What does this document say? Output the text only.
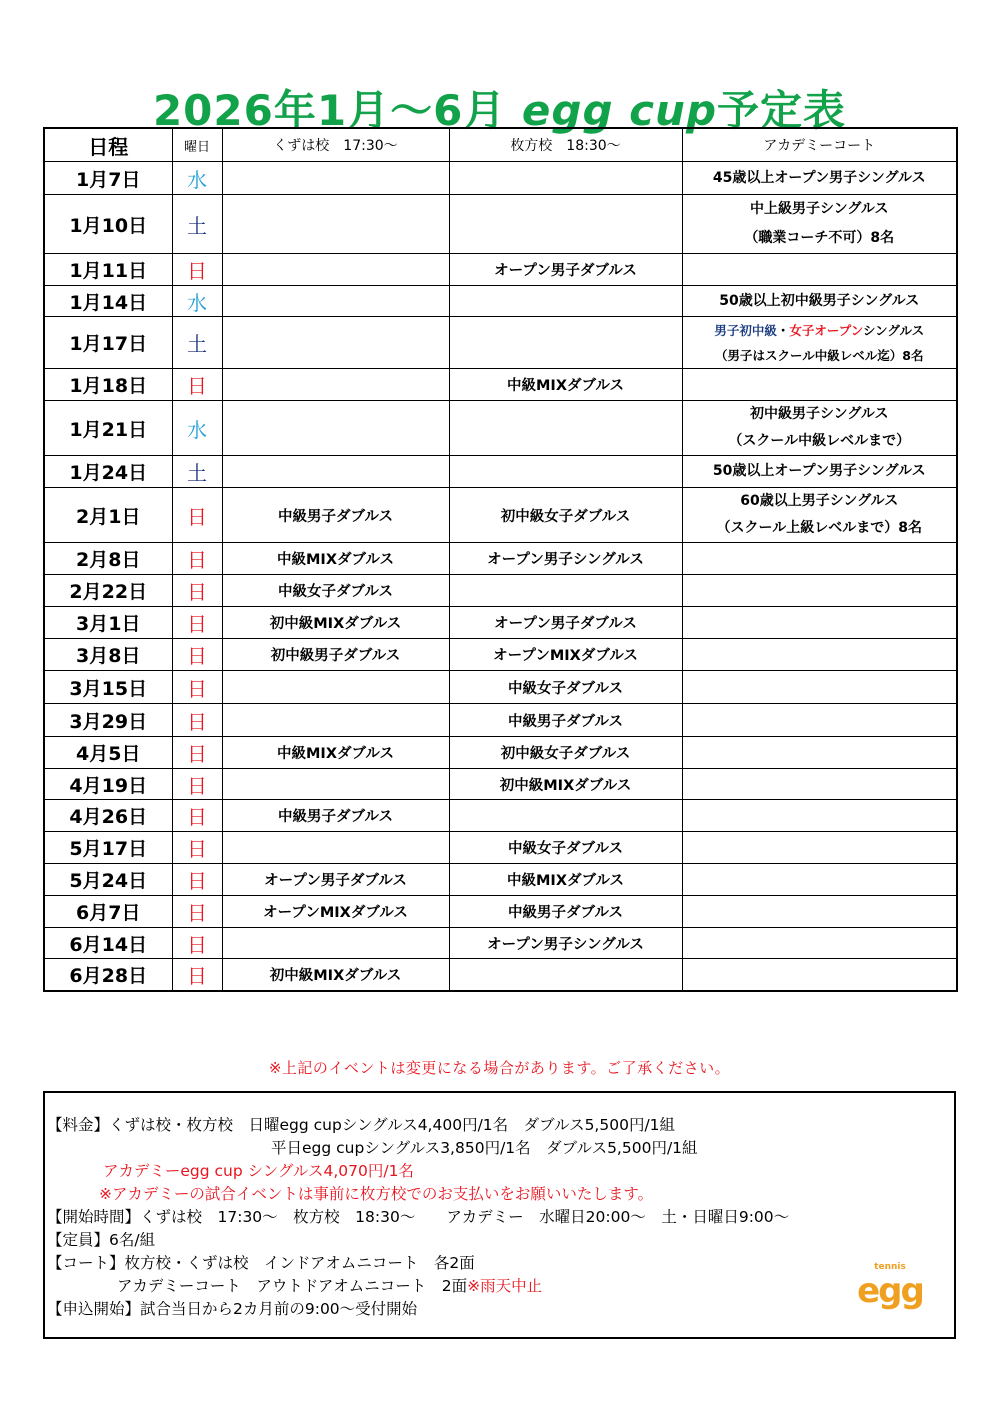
2026年1月～6月 egg cup予定表
日程	曜日	くずは校　17:30～	枚方校　18:30～	アカデミーコート
1月7日	水			45歳以上オープン男子シングルス
1月10日	土			中上級男子シングルス
（職業コーチ不可）8名

1月11日	日		オープン男子ダブルス	
1月14日	水			50歳以上初中級男子シングルス
1月17日	土			男子初中級・女子オープンシングルス
（男子はスクール中級レベル迄）8名

1月18日	日		中級MIXダブルス	
1月21日	水			初中級男子シングルス
（スクール中級レベルまで）

1月24日	土			50歳以上オープン男子シングルス
2月1日	日	中級男子ダブルス	初中級女子ダブルス	60歳以上男子シングルス
（スクール上級レベルまで）8名

2月8日	日	中級MIXダブルス	オープン男子シングルス	
2月22日	日	中級女子ダブルス		
3月1日	日	初中級MIXダブルス	オープン男子ダブルス	
3月8日	日	初中級男子ダブルス	オープンMIXダブルス	
3月15日	日		中級女子ダブルス	
3月29日	日		中級男子ダブルス	
4月5日	日	中級MIXダブルス	初中級女子ダブルス	
4月19日	日		初中級MIXダブルス	
4月26日	日	中級男子ダブルス		
5月17日	日		中級女子ダブルス	
5月24日	日	オープン男子ダブルス	中級MIXダブルス	
6月7日	日	オープンMIXダブルス	中級男子ダブルス	
6月14日	日		オープン男子シングルス	
6月28日	日	初中級MIXダブルス		
※上記のイベントは変更になる場合があります。ご了承ください。
【料金】くずは校・枚方校　日曜egg cupシングルス4,400円/1名　ダブルス5,500円/1組
平日egg cupシングルス3,850円/1名　ダブルス5,500円/1組
アカデミーegg cup シングルス4,070円/1名
※アカデミーの試合イベントは事前に枚方校でのお支払いをお願いいたします。
【開始時間】くずは校　17:30～　枚方校　18:30～　　アカデミー　水曜日20:00～　土・日曜日9:00～
【定員】6名/組
【コート】枚方校・くずは校　インドアオムニコート　各2面
アカデミーコート　アウトドアオムニコート　2面※雨天中止
【申込開始】試合当日から2カ月前の9:00～受付開始
tennis
egg
